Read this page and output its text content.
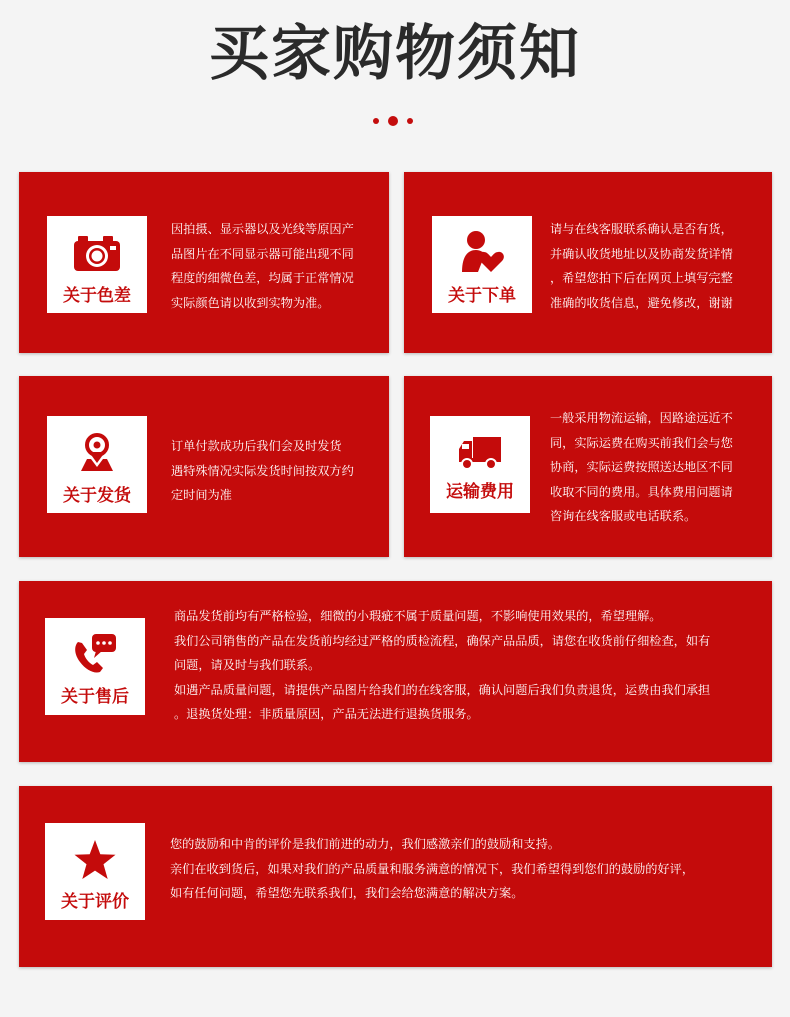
买家购物须知
关于色差
因拍摄、显示器以及光线等原因产
品图片在不同显示器可能出现不同
程度的细微色差，均属于正常情况
实际颜色请以收到实物为准。	关于下单
请与在线客服联系确认是否有货，
并确认收货地址以及协商发货详情
，希望您拍下后在网页上填写完整
准确的收货信息，避免修改，谢谢
关于发货
订单付款成功后我们会及时发货
遇特殊情况实际发货时间按双方约
定时间为准	运输费用
一般采用物流运输，因路途远近不
同，实际运费在购买前我们会与您
协商，实际运费按照送达地区不同
收取不同的费用。具体费用问题请
咨询在线客服或电话联系。
关于售后
商品发货前均有严格检验，细微的小瑕疵不属于质量问题，不影响使用效果的，希望理解。
我们公司销售的产品在发货前均经过严格的质检流程，确保产品品质，请您在收货前仔细检查，如有
问题，请及时与我们联系。
如遇产品质量问题，请提供产品图片给我们的在线客服，确认问题后我们负责退货，运费由我们承担
。退换货处理：非质量原因，产品无法进行退换货服务。
关于评价
您的鼓励和中肯的评价是我们前进的动力，我们感激亲们的鼓励和支持。
亲们在收到货后，如果对我们的产品质量和服务满意的情况下，我们希望得到您们的鼓励的好评，
如有任何问题，希望您先联系我们，我们会给您满意的解决方案。
